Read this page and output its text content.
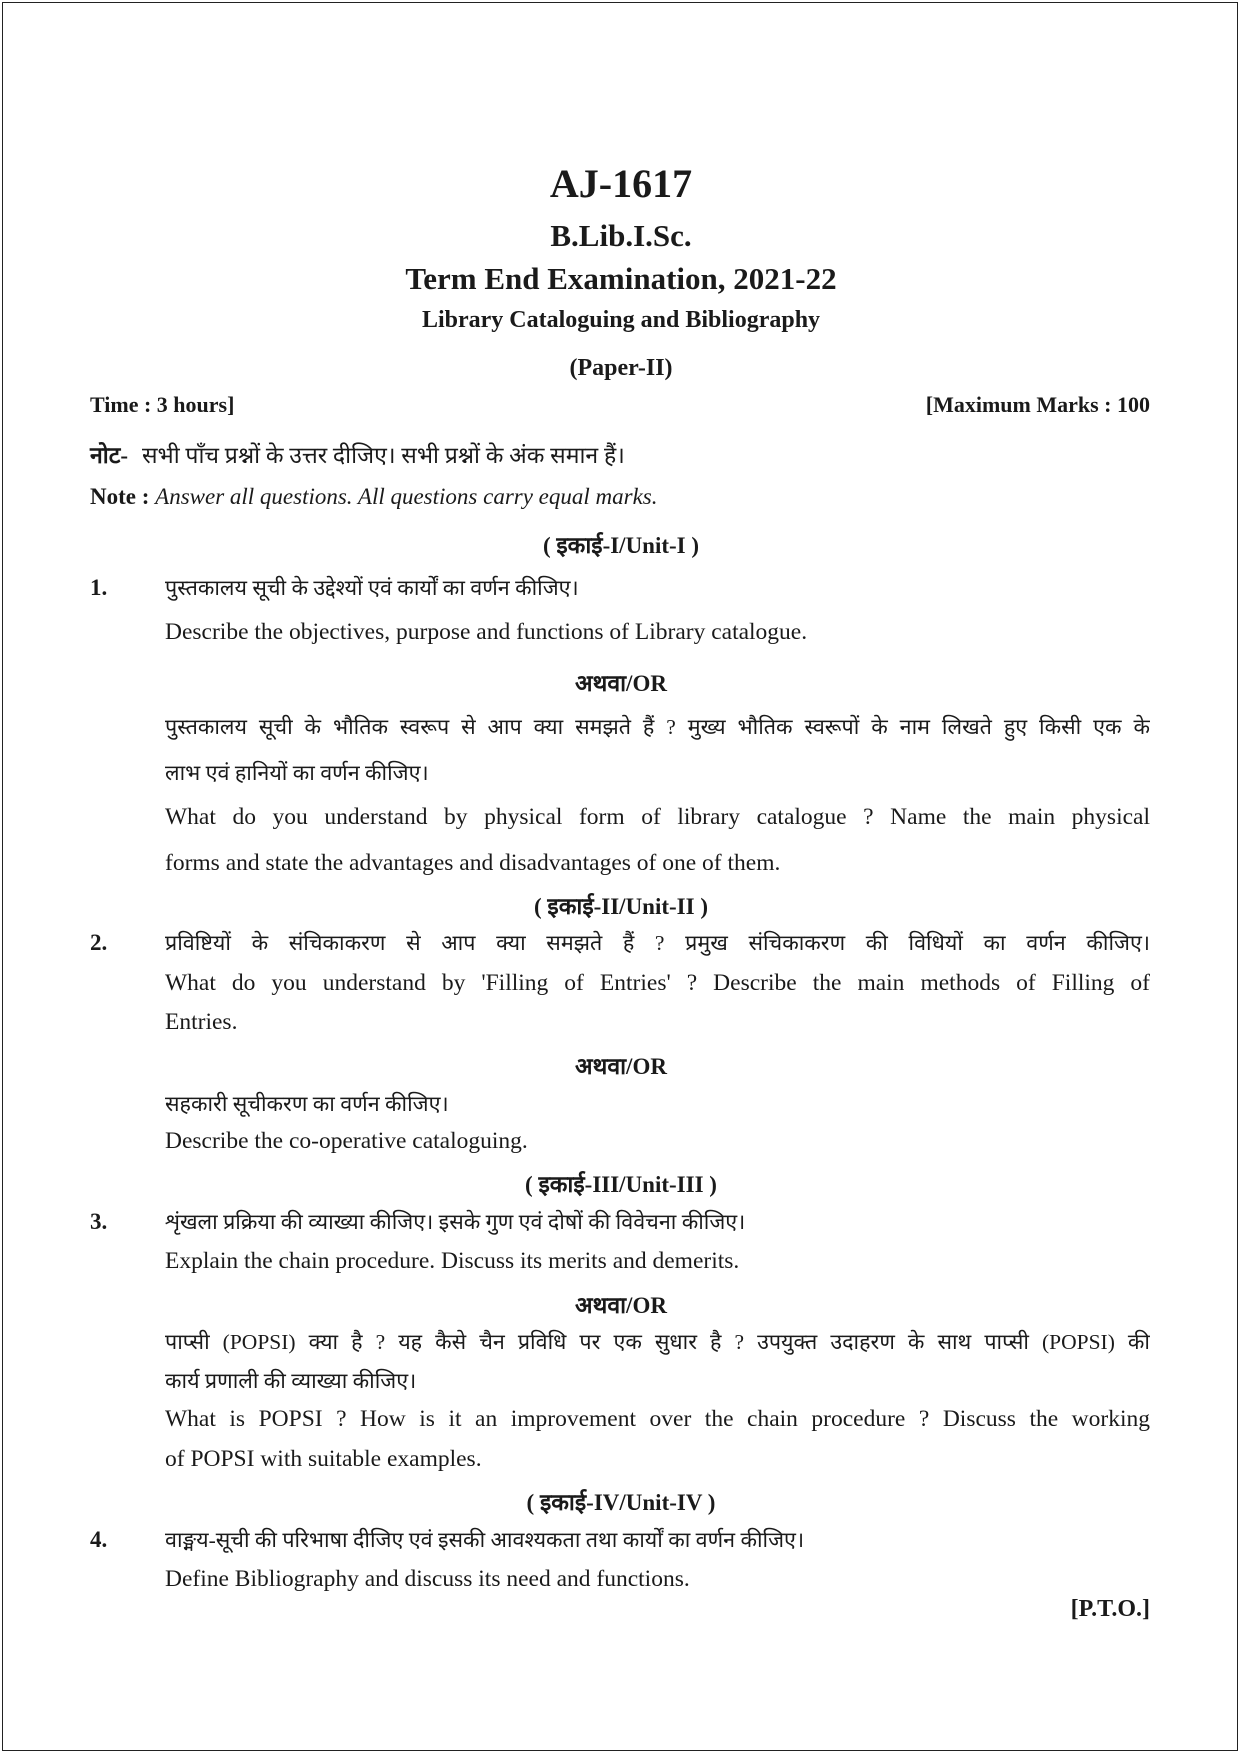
AJ-1617
B.Lib.I.Sc.
Term End Examination, 2021-22
Library Cataloguing and Bibliography
(Paper-II)
Time : 3 hours]	[Maximum Marks : 100
नोट- सभी पाँच प्रश्नों के उत्तर दीजिए। सभी प्रश्नों के अंक समान हैं।
Note : Answer all questions. All questions carry equal marks.
( इकाई-I/Unit-I )
1.	पुस्तकालय सूची के उद्देश्यों एवं कार्यों का वर्णन कीजिए।
Describe the objectives, purpose and functions of Library catalogue.
अथवा/OR
पुस्तकालय सूची के भौतिक स्वरूप से आप क्या समझते हैं ? मुख्य भौतिक स्वरूपों के नाम लिखते हुए किसी एक के
लाभ एवं हानियों का वर्णन कीजिए।
What do you understand by physical form of library catalogue ? Name the main physical
forms and state the advantages and disadvantages of one of them.
( इकाई-II/Unit-II )
2.	प्रविष्टियों के संचिकाकरण से आप क्या समझते हैं ? प्रमुख संचिकाकरण की विधियों का वर्णन कीजिए।
What do you understand by 'Filling of Entries' ? Describe the main methods of Filling of
Entries.
अथवा/OR
सहकारी सूचीकरण का वर्णन कीजिए।
Describe the co-operative cataloguing.
( इकाई-III/Unit-III )
3.	शृंखला प्रक्रिया की व्याख्या कीजिए। इसके गुण एवं दोषों की विवेचना कीजिए।
Explain the chain procedure. Discuss its merits and demerits.
अथवा/OR
पाप्सी (POPSI) क्या है ? यह कैसे चैन प्रविधि पर एक सुधार है ? उपयुक्त उदाहरण के साथ पाप्सी (POPSI) की
कार्य प्रणाली की व्याख्या कीजिए।
What is POPSI ? How is it an improvement over the chain procedure ? Discuss the working
of POPSI with suitable examples.
( इकाई-IV/Unit-IV )
4.	वाङ्मय-सूची की परिभाषा दीजिए एवं इसकी आवश्यकता तथा कार्यों का वर्णन कीजिए।
Define Bibliography and discuss its need and functions.
[P.T.O.]
